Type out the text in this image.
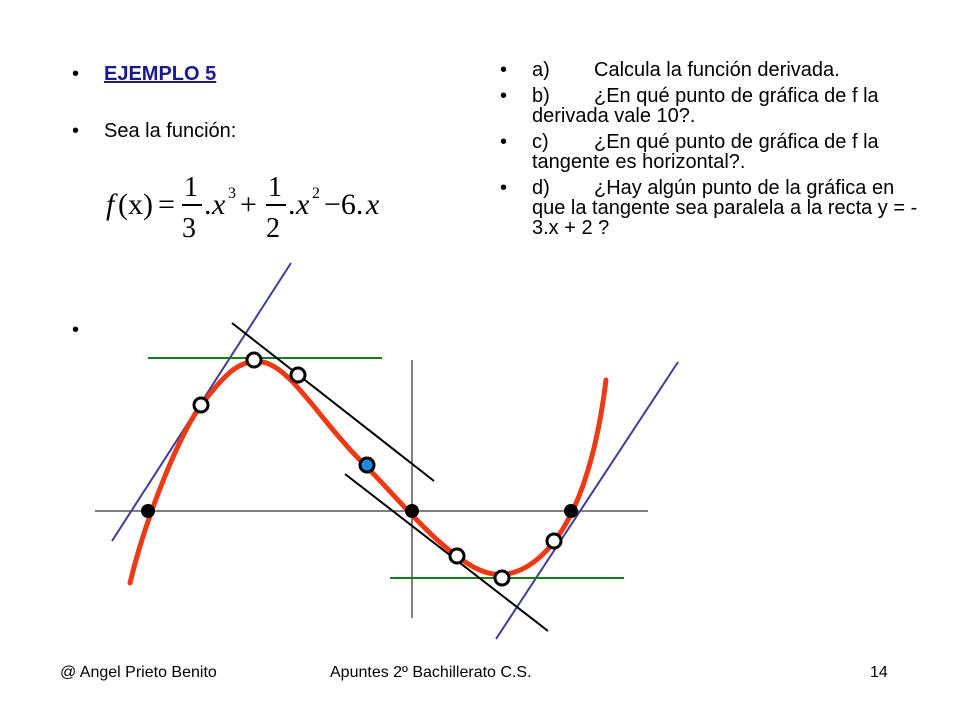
• EJEMPLO 5
• Sea la función:
•
f (x) =
1
3
. x 3 +
1
2
. x 2 −6. x
• a) Calcula la función derivada.
• b) ¿En qué punto de gráfica de f la derivada vale 10?.
• c) ¿En qué punto de gráfica de f la tangente es horizontal?.
• d) ¿Hay algún punto de la gráfica en que la tangente sea paralela a la recta y = - 3.x + 2 ?
@ Angel Prieto Benito	Apuntes 2º Bachillerato C.S.	14
